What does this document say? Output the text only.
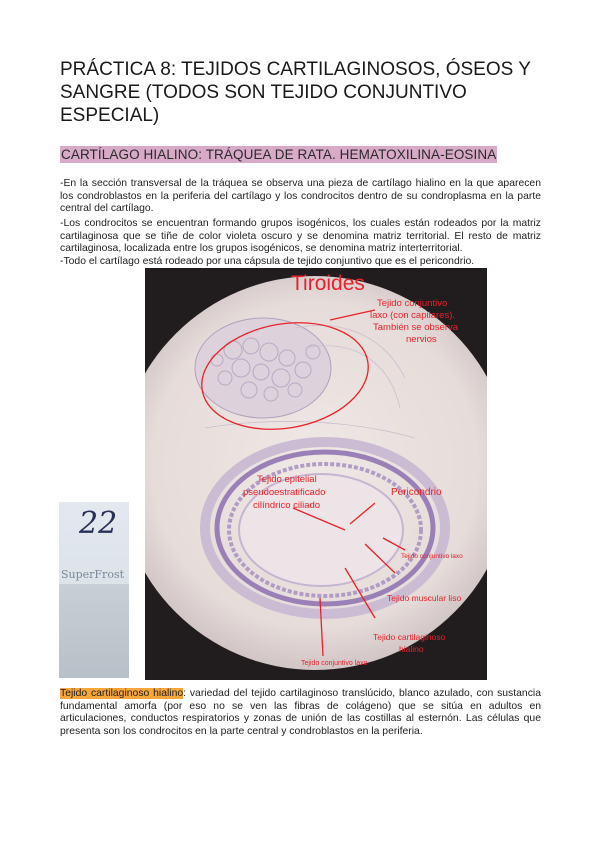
PRÁCTICA 8: TEJIDOS CARTILAGINOSOS, ÓSEOS Y SANGRE (TODOS SON TEJIDO CONJUNTIVO ESPECIAL)
CARTÍLAGO HIALINO: TRÁQUEA DE RATA. HEMATOXILINA-EOSINA

-En la sección transversal de la tráquea se observa una pieza de cartílago hialino en la que aparecen los condroblastos en la periferia del cartílago y los condrocitos dentro de su condroplasma en la parte central del cartílago.

-Los condrocitos se encuentran formando grupos isogénicos, los cuales están rodeados por la matriz cartilaginosa que se tiñe de color violeta oscuro y se denomina matriz territorial. El resto de matriz cartilaginosa, localizada entre los grupos isogénicos, se denomina matriz interterritorial.

-Todo el cartílago está rodeado por una cápsula de tejido conjuntivo que es el pericondrio.

22
SuperFrost
Tiroides
Tejido conjuntivo
laxo (con capilares).
También se observa
nervios
Tejido epitelial
pseudoestratificado
cilíndrico ciliado
Pericondrio
Tejido conjuntivo laxo
Tejido muscular liso
Tejido cartilaginoso
hialino
Tejido conjuntivo laxo

Tejido cartilaginoso hialino: variedad del tejido cartilaginoso translúcido, blanco azulado, con sustancia fundamental amorfa (por eso no se ven las fibras de colágeno) que se sitúa en adultos en articulaciones, conductos respiratorios y zonas de unión de las costillas al esternón. Las células que presenta son los condrocitos en la parte central y condroblastos en la periferia.
